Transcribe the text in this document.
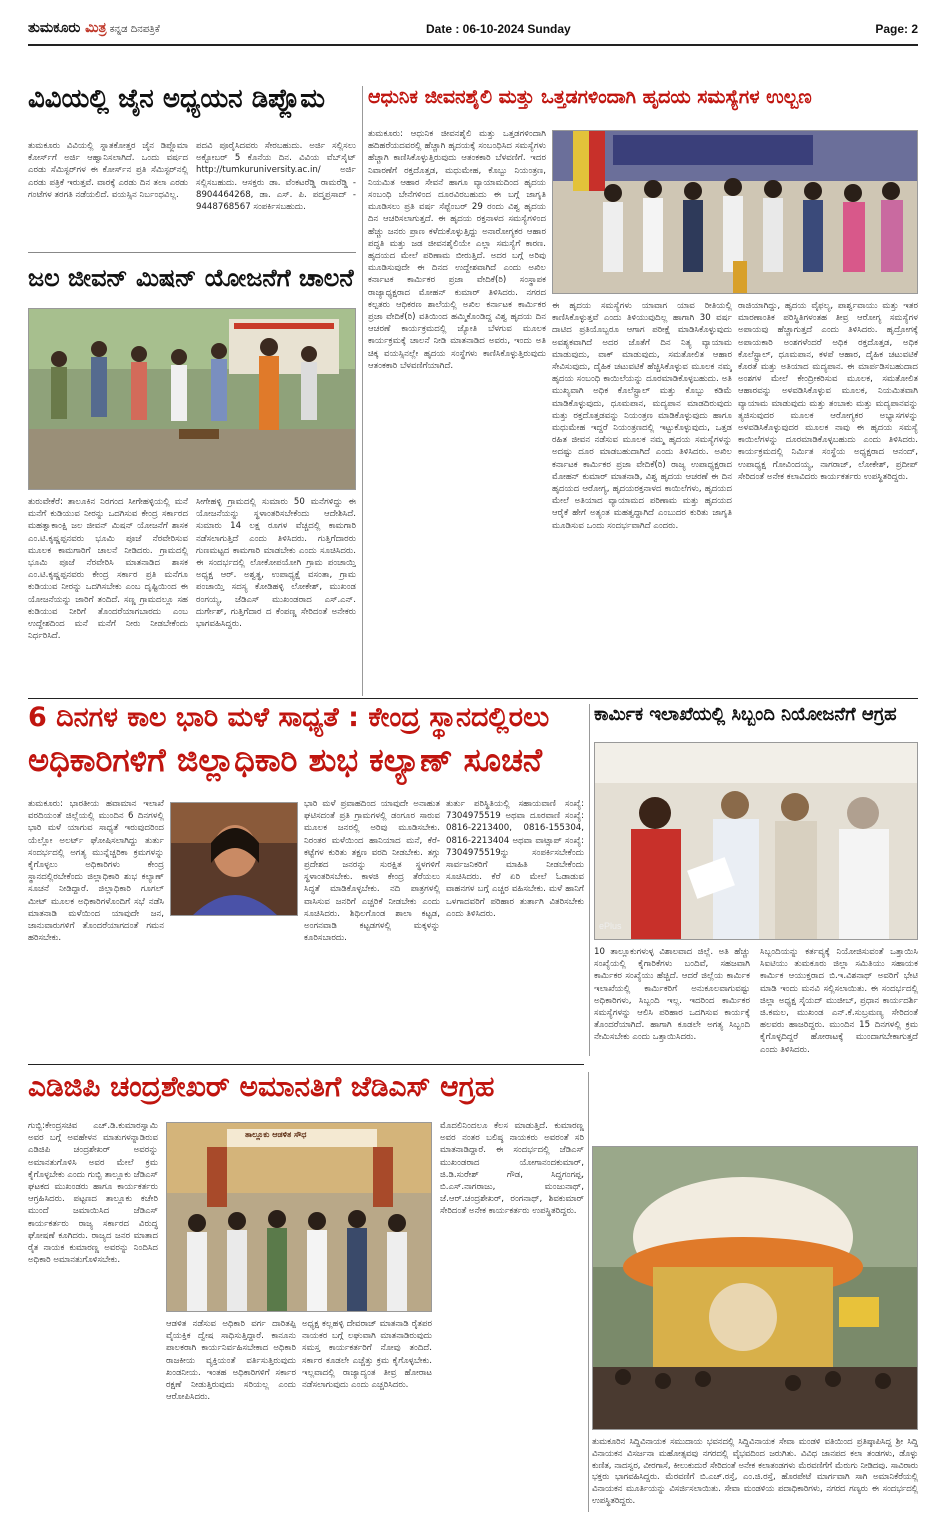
ತುಮಕೂರು ಮಿತ್ರ ಕನ್ನಡ ದಿನಪತ್ರಿಕೆ	Date : 06-10-2024 Sunday	Page: 2
ವಿವಿಯಲ್ಲಿ ಜೈನ ಅಧ್ಯಯನ ಡಿಪ್ಲೊಮ
ತುಮಕೂರು ವಿವಿಯಲ್ಲಿ ಸ್ನಾತಕೋತ್ತರ ಜೈನ ಡಿಪ್ಲೊಮಾ ಕೋರ್ಸ್‌ಗೆ ಅರ್ಜಿ ಆಹ್ವಾನಿಸಲಾಗಿದೆ. ಒಂದು ವರ್ಷದ ಎರಡು ಸೆಮಿಸ್ಟರ್‌ಗಳ ಈ ಕೋರ್ಸ್‌ನ ಪ್ರತಿ ಸೆಮಿಸ್ಟರ್‌ನಲ್ಲಿ ಎರಡು ಪತ್ರಿಕೆ ಇರುತ್ತವೆ. ವಾರಕ್ಕೆ ಎರಡು ದಿನ ತಲಾ ಎರಡು ಗಂಟೆಗಳ ತರಗತಿ ನಡೆಯಲಿದೆ. ವಯಸ್ಸಿನ ನಿರ್ಬಂಧವಿಲ್ಲ.
ಪದವಿ ಪೂರೈಸಿದವರು ಸೇರಬಹುದು. ಅರ್ಜಿ ಸಲ್ಲಿಸಲು ಅಕ್ಟೋಬರ್ 5 ಕೊನೆಯ ದಿನ. ವಿವಿಯ ವೆಬ್‌ಸೈಟ್ http://tumkuruniversity.ac.in/ ಅರ್ಜಿ ಸಲ್ಲಿಸಬಹುದು. ಆಸಕ್ತರು ಡಾ. ವೆಂಕಟರೆಡ್ಡಿ ರಾಮರೆಡ್ಡಿ - 8904464268, ಡಾ. ಎಸ್. ಪಿ. ಪದ್ಮಪ್ರಸಾದ್ - 9448768567 ಸಂಪರ್ಕಿಸಬಹುದು.
ಜಲ ಜೀವನ್ ಮಿಷನ್ ಯೋಜನೆಗೆ ಚಾಲನೆ
ತುರುವೇಕೆರೆ: ತಾಲೂಕಿನ ನಿರಗಂದ ಸೀಗೇಹಳ್ಳಿಯಲ್ಲಿ ಮನೆ ಮನೆಗೆ ಕುಡಿಯುವ ನೀರನ್ನು ಒದಗಿಸುವ ಕೇಂದ್ರ ಸರ್ಕಾರದ ಮಹತ್ವಾಕಾಂಕ್ಷಿ ಜಲ ಜೀವನ್ ಮಿಷನ್ ಯೋಜನೆಗೆ ಶಾಸಕ ಎಂ.ಟಿ.ಕೃಷ್ಣಪ್ಪನವರು ಭೂಮಿ ಪೂಜೆ ನೆರವೇರಿಸುವ ಮೂಲಕ ಕಾಮಗಾರಿಗೆ ಚಾಲನೆ ನೀಡಿದರು. ಗ್ರಾಮದಲ್ಲಿ ಭೂಮಿ ಪೂಜೆ ನೆರವೇರಿಸಿ ಮಾತನಾಡಿದ ಶಾಸಕ ಎಂ.ಟಿ.ಕೃಷ್ಣಪ್ಪನವರು ಕೇಂದ್ರ ಸರ್ಕಾರ ಪ್ರತಿ ಮನೆಗೂ ಕುಡಿಯುವ ನೀರನ್ನು ಒದಗಿಸಬೇಕು ಎಂಬ ದೃಷ್ಟಿಯಿಂದ ಈ ಯೋಜನೆಯನ್ನು ಜಾರಿಗೆ ತಂದಿದೆ. ಸಣ್ಣ ಗ್ರಾಮದಲ್ಲೂ ಸಹ ಕುಡಿಯುವ ನೀರಿಗೆ ತೊಂದರೆಯಾಗಬಾರದು ಎಂಬ ಉದ್ದೇಶದಿಂದ ಮನೆ ಮನೆಗೆ ನೀರು ನೀಡಬೇಕೆಂದು ನಿರ್ಧರಿಸಿದೆ.
ಸೀಗೇಹಳ್ಳಿ ಗ್ರಾಮದಲ್ಲಿ ಸುಮಾರು 50 ಮನೆಗಳಿದ್ದು ಈ ಯೋಜನೆಯನ್ನು ಸ್ಥಳಾಂತರಿಸಬೇಕೆಂದು ಆದೇಶಿಸಿದೆ. ಸುಮಾರು 14 ಲಕ್ಷ ರೂಗಳ ವೆಚ್ಚದಲ್ಲಿ ಕಾಮಗಾರಿ ನಡೆಸಲಾಗುತ್ತಿದೆ ಎಂದು ತಿಳಿಸಿದರು. ಗುತ್ತಿಗೆದಾರರು ಗುಣಮಟ್ಟದ ಕಾಮಗಾರಿ ಮಾಡಬೇಕು ಎಂದು ಸೂಚಿಸಿದರು. ಈ ಸಂದರ್ಭದಲ್ಲಿ ಲೋಕೋಪಯೋಗಿ ಗ್ರಾಮ ಪಂಚಾಯ್ತಿ ಅಧ್ಯಕ್ಷ ಆರ್. ಅಶ್ವತ್ಥ, ಉಪಾಧ್ಯಕ್ಷೆ ವಸಂತಾ, ಗ್ರಾಮ ಪಂಚಾಯ್ತಿ ಸದಸ್ಯ ಕೋಡಿಹಳ್ಳಿ ಲೋಕೇಶ್, ಮುಖಂಡ ರಂಗಯ್ಯ, ಜೆಡಿಎಸ್ ಮುಖಂಡರಾದ ಎಸ್.ಎನ್. ದುರ್ಗೇಶ್, ಗುತ್ತಿಗೆದಾರ ದ ಕೆಂಪಣ್ಣ ಸೇರಿದಂತೆ ಅನೇಕರು ಭಾಗವಹಿಸಿದ್ದರು.
ಆಧುನಿಕ ಜೀವನಶೈಲಿ ಮತ್ತು ಒತ್ತಡಗಳಿಂದಾಗಿ ಹೃದಯ ಸಮಸ್ಯೆಗಳ ಉಲ್ಬಣ
ತುಮಕೂರು: ಆಧುನಿಕ ಜೀವನಶೈಲಿ ಮತ್ತು ಒತ್ತಡಗಳಿಂದಾಗಿ ಹದಿಹರೆಯದವರಲ್ಲಿ ಹೆಚ್ಚಾಗಿ ಹೃದಯಕ್ಕೆ ಸಂಬಂಧಿಸಿದ ಸಮಸ್ಯೆಗಳು ಹೆಚ್ಚಾಗಿ ಕಾಣಿಸಿಕೊಳ್ಳುತ್ತಿರುವುದು ಆತಂಕಕಾರಿ ಬೆಳವಣಿಗೆ. ಇದರ ನಿವಾರಣೆಗೆ ರಕ್ತದೊತ್ತಡ, ಮಧುಮೇಹ, ಕೊಬ್ಬು ನಿಯಂತ್ರಣ, ನಿಯಮಿತ ಆಹಾರ ಸೇವನೆ ಹಾಗೂ ವ್ಯಾಯಾಮದಿಂದ ಹೃದಯ ಸಂಬಂಧಿ ಬೇನೆಗಳಿಂದ ದೂರವಿರಬಹುದು ಈ ಬಗ್ಗೆ ಜಾಗೃತಿ ಮೂಡಿಸಲು ಪ್ರತಿ ವರ್ಷ ಸೆಪ್ಟೆಂಬರ್ 29 ರಂದು ವಿಶ್ವ ಹೃದಯ ದಿನ ಆಚರಿಸಲಾಗುತ್ತದೆ. ಈ ಹೃದಯ ರಕ್ತನಾಳದ ಸಮಸ್ಯೆಗಳಿಂದ ಹೆಚ್ಚು ಜನರು ಪ್ರಾಣ ಕಳೆದುಕೊಳ್ಳುತ್ತಿದ್ದು ಅನಾರೋಗ್ಯಕರ ಆಹಾರ ಪದ್ಧತಿ ಮತ್ತು ಜಡ ಜೀವನಶೈಲಿಯೇ ಎಲ್ಲಾ ಸಮಸ್ಯೆಗೆ ಕಾರಣ. ಹೃದಯದ ಮೇಲೆ ಪರಿಣಾಮ ಬೀರುತ್ತಿದೆ. ಅದರ ಬಗ್ಗೆ ಅರಿವು ಮೂಡಿಸುವುದೇ ಈ ದಿನದ ಉದ್ದೇಶವಾಗಿದೆ ಎಂದು ಅಖಿಲ ಕರ್ನಾಟಕ ಕಾರ್ಮಿಕರ ಪ್ರಜಾ ವೇದಿಕೆ(ರಿ) ಸಂಸ್ಥಾಪಕ ರಾಜ್ಯಾಧ್ಯಕ್ಷರಾದ ಮೋಹನ್ ಕುಮಾರ್ ತಿಳಿಸಿದರು. ನಗರದ ಕಲ್ಪತರು ಆಧಿಕರಣ ಶಾಲೆಯಲ್ಲಿ ಅಖಿಲ ಕರ್ನಾಟಕ ಕಾರ್ಮಿಕರ ಪ್ರಜಾ ವೇದಿಕೆ(ರಿ) ವತಿಯಿಂದ ಹಮ್ಮಿಕೊಂಡಿದ್ದ ವಿಶ್ವ ಹೃದಯ ದಿನ ಆಚರಣೆ ಕಾರ್ಯಕ್ರಮದಲ್ಲಿ ಜ್ಯೋತಿ ಬೆಳಗುವ ಮೂಲಕ ಕಾರ್ಯಕ್ರಮಕ್ಕೆ ಚಾಲನೆ ನೀಡಿ ಮಾತನಾಡಿದ ಅವರು, ಇಂದು ಅತಿ ಚಿಕ್ಕ ವಯಸ್ಸಿನಲ್ಲೇ ಹೃದಯ ಸಂಸ್ಥೆಗಳು ಕಾಣಿಸಿಕೊಳ್ಳುತ್ತಿರುವುದು ಆತಂಕಕಾರಿ ಬೆಳವಣಿಗೆಯಾಗಿದೆ.
ಈ ಹೃದಯ ಸಮಸ್ಯೆಗಳು ಯಾವಾಗ ಯಾವ ರೀತಿಯಲ್ಲಿ ಕಾಣಿಸಿಕೊಳ್ಳುತ್ತವೆ ಎಂದು ತಿಳಿಯುವುದಿಲ್ಲ ಹಾಗಾಗಿ 30 ವರ್ಷ ದಾಟಿದ ಪ್ರತಿಯೊಬ್ಬರೂ ಆಗಾಗ ಪರೀಕ್ಷೆ ಮಾಡಿಸಿಕೊಳ್ಳುವುದು ಅವಶ್ಯಕವಾಗಿದೆ ಅದರ ಜೊತೆಗೆ ದಿನ ನಿತ್ಯ ವ್ಯಾಯಾಮ ಮಾಡುವುದು, ವಾಕ್ ಮಾಡುವುದು, ಸಮತೋಲಿತ ಆಹಾರ ಸೇವಿಸುವುದು, ದೈಹಿಕ ಚಟುವಟಿಕೆ ಹೆಚ್ಚಿಸಿಕೊಳ್ಳುವ ಮೂಲಕ ನಮ್ಮ ಹೃದಯ ಸಂಬಂಧಿ ಕಾಯಿಲೆಯನ್ನು ದೂರಮಾಡಿಕೊಳ್ಳಬಹುದು. ಅತಿ ಮುಖ್ಯವಾಗಿ ಅಧಿಕ ಕೊಲೆಸ್ಟ್ರಾಲ್ ಮತ್ತು ಕೊಬ್ಬು ಕಡಿಮೆ ಮಾಡಿಕೊಳ್ಳುವುದು, ಧೂಮಪಾನ, ಮದ್ಯಪಾನ ಮಾಡದಿರುವುದು ಮತ್ತು ರಕ್ತದೊತ್ತಡವನ್ನು ನಿಯಂತ್ರಣ ಮಾಡಿಕೊಳ್ಳುವುದು ಹಾಗೂ ಮಧುಮೇಹ ಇದ್ದರೆ ನಿಯಂತ್ರಣದಲ್ಲಿ ಇಟ್ಟುಕೊಳ್ಳುವುದು, ಒತ್ತಡ ರಹಿತ ಜೀವನ ನಡೆಸುವ ಮೂಲಕ ನಮ್ಮ ಹೃದಯ ಸಮಸ್ಯೆಗಳನ್ನು ಅದಷ್ಟು ದೂರ ಮಾಡಬಹುದಾಗಿದೆ ಎಂದು ತಿಳಿಸಿದರು. ಅಖಿಲ ಕರ್ನಾಟಕ ಕಾರ್ಮಿಕರ ಪ್ರಜಾ ವೇದಿಕೆ(ರಿ) ರಾಜ್ಯ ಉಪಾಧ್ಯಕ್ಷರಾದ ಮೋಹನ್ ಕುಮಾರ್ ಮಾತನಾಡಿ, ವಿಶ್ವ ಹೃದಯ ಆಚರಣೆ ಈ ದಿನ ಹೃದಯದ ಆರೋಗ್ಯ, ಹೃದಯರಕ್ತನಾಳದ ಕಾಯಿಲೆಗಳು, ಹೃದಯದ ಮೇಲೆ ಅತಿಯಾದ ವ್ಯಾಯಾಮದ ಪರಿಣಾಮ ಮತ್ತು ಹೃದಯದ ಆರೈಕೆ ಹೇಗೆ ಅತ್ಯಂತ ಮಹತ್ವದ್ದಾಗಿದೆ ಎಂಬುದರ ಕುರಿತು ಜಾಗೃತಿ ಮೂಡಿಸುವ ಒಂದು ಸಂದರ್ಭವಾಗಿದೆ ಎಂದರು.
ರಾಜಿಯಾಗಿದ್ದು, ಹೃದಯ ವೈಫಲ್ಯ, ಪಾರ್ಶ್ವವಾಯು ಮತ್ತು ಇತರ ಮಾರಣಾಂತಿಕ ಪರಿಸ್ಥಿತಿಗಳಂತಹ ತೀವ್ರ ಆರೋಗ್ಯ ಸಮಸ್ಯೆಗಳ ಅಪಾಯವು ಹೆಚ್ಚಾಗುತ್ತದೆ ಎಂದು ತಿಳಿಸಿದರು. ಹೃದ್ರೋಗಕ್ಕೆ ಅಪಾಯಕಾರಿ ಅಂಶಗಳೆಂದರೆ ಅಧಿಕ ರಕ್ತದೊತ್ತಡ, ಅಧಿಕ ಕೊಲೆಸ್ಟ್ರಾಲ್, ಧೂಮಪಾನ, ಕಳಪೆ ಆಹಾರ, ದೈಹಿಕ ಚಟುವಟಿಕೆ ಕೊರತೆ ಮತ್ತು ಅತಿಯಾದ ಮದ್ಯಪಾನ. ಈ ಮಾರ್ಪಡಿಸಬಹುದಾದ ಅಂಶಗಳ ಮೇಲೆ ಕೇಂದ್ರೀಕರಿಸುವ ಮೂಲಕ, ಸಮತೋಲಿತ ಆಹಾರವನ್ನು ಅಳವಡಿಸಿಕೊಳ್ಳುವ ಮೂಲಕ, ನಿಯಮಿತವಾಗಿ ವ್ಯಾಯಾಮ ಮಾಡುವುದು ಮತ್ತು ತಂಬಾಕು ಮತ್ತು ಮದ್ಯಪಾನವನ್ನು ತ್ಯಜಿಸುವುದರ ಮೂಲಕ ಆರೋಗ್ಯಕರ ಅಭ್ಯಾಸಗಳನ್ನು ಅಳವಡಿಸಿಕೊಳ್ಳುವುದರ ಮೂಲಕ ನಾವು ಈ ಹೃದಯ ಸಮಸ್ಯೆ ಕಾಯಿಲೆಗಳನ್ನು ದೂರಮಾಡಿಕೊಳ್ಳಬಹುದು ಎಂದು ತಿಳಿಸಿದರು. ಕಾರ್ಯಕ್ರಮದಲ್ಲಿ ನಿರ್ಮಿತ ಸಂಸ್ಥೆಯ ಅಧ್ಯಕ್ಷರಾದ ಆನಂದ್, ಉಪಾಧ್ಯಕ್ಷ ಗೋವಿಂದಯ್ಯ, ನಾಗರಾಜ್, ಲೋಕೇಶ್, ಪ್ರದೀಪ್ ಸೇರಿದಂತೆ ಅನೇಕ ಕಲಾವಿದರು ಕಾರ್ಯಕರ್ತರು ಉಪಸ್ಥಿತರಿದ್ದರು.
6 ದಿನಗಳ ಕಾಲ ಭಾರಿ ಮಳೆ ಸಾಧ್ಯತೆ : ಕೇಂದ್ರ ಸ್ಥಾನದಲ್ಲಿರಲು
ಅಧಿಕಾರಿಗಳಿಗೆ ಜಿಲ್ಲಾಧಿಕಾರಿ ಶುಭ ಕಲ್ಯಾಣ್ ಸೂಚನೆ
ತುಮಕೂರು: ಭಾರತೀಯ ಹವಾಮಾನ ಇಲಾಖೆ ವರದಿಯಂತೆ ಜಿಲ್ಲೆಯಲ್ಲಿ ಮುಂದಿನ 6 ದಿನಗಳಲ್ಲಿ ಭಾರಿ ಮಳೆ ಯಾಗುವ ಸಾಧ್ಯತೆ ಇರುವುದರಿಂದ ಯೆಲ್ಲೋ ಅಲರ್ಟ್ ಘೋಷಿಸಲಾಗಿದ್ದು ತುರ್ತು ಸಂದರ್ಭದಲ್ಲಿ ಅಗತ್ಯ ಮುನ್ನೆಚ್ಚರಿಕಾ ಕ್ರಮಗಳನ್ನು ಕೈಗೊಳ್ಳಲು ಅಧಿಕಾರಿಗಳು ಕೇಂದ್ರ ಸ್ಥಾನದಲ್ಲಿರಬೇಕೆಂದು ಜಿಲ್ಲಾಧಿಕಾರಿ ಶುಭ ಕಲ್ಯಾಣ್ ಸೂಚನೆ ನೀಡಿದ್ದಾರೆ. ಜಿಲ್ಲಾಧಿಕಾರಿ ಗೂಗಲ್ ಮೀಟ್ ಮೂಲಕ ಅಧಿಕಾರಿಗಳೊಂದಿಗೆ ಸಭೆ ನಡೆಸಿ ಮಾತನಾಡಿ ಮಳೆಯಿಂದ ಯಾವುದೇ ಜನ, ಜಾನುವಾರುಗಳಿಗೆ ತೊಂದರೆಯಾಗದಂತೆ ಗಮನ ಹರಿಸಬೇಕು.
ಭಾರಿ ಮಳೆ ಪ್ರವಾಹದಿಂದ ಯಾವುದೇ ಅನಾಹುತ ಘಟಿಸದಂತೆ ಪ್ರತಿ ಗ್ರಾಮಗಳಲ್ಲಿ ಡಂಗೂರ ಸಾರುವ ಮೂಲಕ ಜನರಲ್ಲಿ ಅರಿವು ಮೂಡಿಸಬೇಕು. ನಿರಂತರ ಮಳೆಯಿಂದ ಹಾನಿಯಾದ ಮನೆ, ಕೆರೆ-ಕಟ್ಟೆಗಳ ಕುರಿತು ತಕ್ಷಣ ವರದಿ ನೀಡಬೇಕು. ತಗ್ಗು ಪ್ರದೇಶದ ಜನರನ್ನು ಸುರಕ್ಷಿತ ಸ್ಥಳಗಳಿಗೆ ಸ್ಥಳಾಂತರಿಸಬೇಕು. ಕಾಳಜಿ ಕೇಂದ್ರ ತೆರೆಯಲು ಸಿದ್ಧತೆ ಮಾಡಿಕೊಳ್ಳಬೇಕು. ನದಿ ಪಾತ್ರಗಳಲ್ಲಿ ವಾಸಿಸುವ ಜನರಿಗೆ ಎಚ್ಚರಿಕೆ ನೀಡಬೇಕು ಎಂದು ಸೂಚಿಸಿದರು. ಶಿಥಿಲಗೊಂಡ ಶಾಲಾ ಕಟ್ಟಡ, ಅಂಗನವಾಡಿ ಕಟ್ಟಡಗಳಲ್ಲಿ ಮಕ್ಕಳನ್ನು ಕೂರಿಸಬಾರದು.
ತುರ್ತು ಪರಿಸ್ಥಿತಿಯಲ್ಲಿ ಸಹಾಯವಾಣಿ ಸಂಖ್ಯೆ: 7304975519 ಅಥವಾ ದೂರವಾಣಿ ಸಂಖ್ಯೆ: 0816-2213400, 0816-155304, 0816-2213404 ಅಥವಾ ವಾಟ್ಸಾಪ್ ಸಂಖ್ಯೆ: 7304975519ನ್ನು ಸಂಪರ್ಕಿಸಬೇಕೆಂದು ಸಾರ್ವಜನಿಕರಿಗೆ ಮಾಹಿತಿ ನೀಡಬೇಕೆಂದು ಸೂಚಿಸಿದರು. ಕೆರೆ ಏರಿ ಮೇಲೆ ಓಡಾಡುವ ವಾಹನಗಳ ಬಗ್ಗೆ ಎಚ್ಚರ ವಹಿಸಬೇಕು. ಮಳೆ ಹಾನಿಗೆ ಒಳಗಾದವರಿಗೆ ಪರಿಹಾರ ತುರ್ತಾಗಿ ವಿತರಿಸಬೇಕು ಎಂದು ತಿಳಿಸಿದರು.
ಕಾರ್ಮಿಕ ಇಲಾಖೆಯಲ್ಲಿ ಸಿಬ್ಬಂದಿ ನಿಯೋಜನೆಗೆ ಆಗ್ರಹ
ePlus
10 ತಾಲ್ಲೂಕುಗಳುಳ್ಳ ವಿಶಾಲವಾದ ಜಿಲ್ಲೆ. ಅತಿ ಹೆಚ್ಚು ಸಂಖ್ಯೆಯಲ್ಲಿ ಕೈಗಾರಿಕೆಗಳು ಬಂದಿವೆ, ಸಹಜವಾಗಿ ಕಾರ್ಮಿಕರ ಸಂಖ್ಯೆಯು ಹೆಚ್ಚಿದೆ. ಆದರೆ ಜಿಲ್ಲೆಯ ಕಾರ್ಮಿಕ ಇಲಾಖೆಯಲ್ಲಿ ಕಾರ್ಮಿಕರಿಗೆ ಅನುಕೂಲವಾಗುವಷ್ಟು ಅಧಿಕಾರಿಗಳು, ಸಿಬ್ಬಂದಿ ಇಲ್ಲ. ಇದರಿಂದ ಕಾರ್ಮಿಕರ ಸಮಸ್ಯೆಗಳನ್ನು ಆಲಿಸಿ ಪರಿಹಾರ ಒದಗಿಸುವ ಕಾರ್ಯಕ್ಕೆ ತೊಂದರೆಯಾಗಿದೆ. ಹಾಗಾಗಿ ಕೂಡಲೇ ಅಗತ್ಯ ಸಿಬ್ಬಂದಿ ನೇಮಿಸಬೇಕು ಎಂದು ಒತ್ತಾಯಿಸಿದರು.
ಸಿಬ್ಬಂದಿಯನ್ನು ಕರ್ತವ್ಯಕ್ಕೆ ನಿಯೋಜಿಸುವಂತೆ ಒತ್ತಾಯಿಸಿ ಸಿಐಟಿಯು ತುಮಕೂರು ಜಿಲ್ಲಾ ಸಮಿತಿಯು ಸಹಾಯಕ ಕಾರ್ಮಿಕ ಆಯುಕ್ತರಾದ ಬಿ.ಇ.ವಿಶನಾಥ್ ಅವರಿಗೆ ಭೇಟಿ ಮಾಡಿ ಇಂದು ಮನವಿ ಸಲ್ಲಿಸಲಾಯಿತು. ಈ ಸಂದರ್ಭದಲ್ಲಿ ಜಿಲ್ಲಾ ಅಧ್ಯಕ್ಷ ಸೈಯದ್ ಮುಜೀಬ್, ಪ್ರಧಾನ ಕಾರ್ಯದರ್ಶಿ ಜಿ.ಕಮಲ, ಮುಖಂಡ ಎನ್.ಕೆ.ಸುಬ್ರಮಣ್ಯ ಸೇರಿದಂತೆ ಹಲವರು ಹಾಜರಿದ್ದರು. ಮುಂದಿನ 15 ದಿನಗಳಲ್ಲಿ ಕ್ರಮ ಕೈಗೊಳ್ಳದಿದ್ದರೆ ಹೋರಾಟಕ್ಕೆ ಮುಂದಾಗಬೇಕಾಗುತ್ತದೆ ಎಂದು ತಿಳಿಸಿದರು.
ಎಡಿಜಿಪಿ ಚಂದ್ರಶೇಖರ್ ಅಮಾನತಿಗೆ ಜೆಡಿಎಸ್ ಆಗ್ರಹ
ಗುಬ್ಬಿ:ಕೇಂದ್ರಸಚಿವ ಎಚ್.ಡಿ.ಕುಮಾರಸ್ವಾಮಿ ಅವರ ಬಗ್ಗೆ ಅವಹೇಳನ ಮಾತುಗಳನ್ನಾಡಿರುವ ಎಡಿಜಿಪಿ ಚಂದ್ರಶೇಖರ್ ಅವರನ್ನು ಅಮಾನತುಗೊಳಿಸಿ ಅವರ ಮೇಲೆ ಕ್ರಮ ಕೈಗೊಳ್ಳಬೇಕು ಎಂದು ಗುಬ್ಬಿ ತಾಲ್ಲೂಕು ಜೆಡಿಎಸ್ ಘಟಕದ ಮುಖಂಡರು ಹಾಗೂ ಕಾರ್ಯಕರ್ತರು ಆಗ್ರಹಿಸಿದರು. ಪಟ್ಟಣದ ತಾಲ್ಲೂಕು ಕಚೇರಿ ಮುಂದೆ ಜಮಾಯಿಸಿದ ಜೆಡಿಎಸ್ ಕಾರ್ಯಕರ್ತರು ರಾಜ್ಯ ಸರ್ಕಾರದ ವಿರುದ್ಧ ಘೋಷಣೆ ಕೂಗಿದರು. ರಾಜ್ಯದ ಜನರ ಮಾತಾದ ರೈತ ನಾಯಕ ಕುಮಾರಣ್ಣ ಅವರನ್ನು ನಿಂದಿಸಿದ ಅಧಿಕಾರಿ ಅಮಾನತುಗೊಳಿಸಬೇಕು.
ತಾಲ್ಲೂಕು ಆಡಳಿತ ಸೌಧ
ಆಡಳಿತ ನಡೆಸುವ ಅಧಿಕಾರಿ ವರ್ಗ ದಾರಿತಪ್ಪಿ ವೈಯಕ್ತಿಕ ದ್ವೇಷ ಸಾಧಿಸುತ್ತಿದ್ದಾರೆ. ಕಾನೂನು ಪಾಲಕರಾಗಿ ಕಾರ್ಯನಿರ್ವಹಿಸಬೇಕಾದ ಅಧಿಕಾರಿ ರಾಜಕೀಯ ವ್ಯಕ್ತಿಯಂತೆ ವರ್ತಿಸುತ್ತಿರುವುದು ಖಂಡನೀಯ. ಇಂತಹ ಅಧಿಕಾರಿಗಳಿಗೆ ಸರ್ಕಾರ ರಕ್ಷಣೆ ನೀಡುತ್ತಿರುವುದು ಸರಿಯಲ್ಲ ಎಂದು ಆರೋಪಿಸಿದರು.
ಅಧ್ಯಕ್ಷ ಕಲ್ಲಹಳ್ಳಿ ದೇವರಾಜ್ ಮಾತನಾಡಿ ರೈತಪರ ನಾಯಕರ ಬಗ್ಗೆ ಲಘುವಾಗಿ ಮಾತನಾಡಿರುವುದು ಸಮಸ್ತ ಕಾರ್ಯಕರ್ತರಿಗೆ ನೋವು ತಂದಿದೆ. ಸರ್ಕಾರ ಕೂಡಲೇ ಎಚ್ಚೆತ್ತು ಕ್ರಮ ಕೈಗೊಳ್ಳಬೇಕು. ಇಲ್ಲವಾದಲ್ಲಿ ರಾಜ್ಯಾದ್ಯಂತ ತೀವ್ರ ಹೋರಾಟ ನಡೆಸಲಾಗುವುದು ಎಂದು ಎಚ್ಚರಿಸಿದರು.
ಮೊದಲಿನಿಂದಲೂ ಕೆಲಸ ಮಾಡುತ್ತಿದೆ. ಕುಮಾರಣ್ಣ ಅವರ ನಂತರ ಬಲಿಷ್ಠ ನಾಯಕರು ಅವರಂತೆ ಸರಿ ಮಾತನಾಡಿದ್ದಾರೆ. ಈ ಸಂದರ್ಭದಲ್ಲಿ ಜೆಡಿಎಸ್ ಮುಖಂಡರಾದ ಯೋಗಾನಂದಕುಮಾರ್, ಜಿ.ಡಿ.ಸುರೇಶ್ ಗೌಡ, ಸಿದ್ದಗಂಗಪ್ಪ, ಬಿ.ಎಸ್.ನಾಗರಾಜು, ಮಂಜುನಾಥ್, ಜೆ.ಆರ್.ಚಂದ್ರಶೇಖರ್, ರಂಗನಾಥ್, ಶಿವಕುಮಾರ್ ಸೇರಿದಂತೆ ಅನೇಕ ಕಾರ್ಯಕರ್ತರು ಉಪಸ್ಥಿತರಿದ್ದರು.
ತುಮಕೂರಿನ ಸಿದ್ದಿವಿನಾಯಕ ಸಮುದಾಯ ಭವನದಲ್ಲಿ ಸಿದ್ದಿವಿನಾಯಕ ಸೇವಾ ಮಂಡಳಿ ವತಿಯಿಂದ ಪ್ರತಿಷ್ಠಾಪಿಸಿದ್ದ ಶ್ರೀ ಸಿದ್ದಿ ವಿನಾಯಕನ ವಿಸರ್ಜನಾ ಮಹೋತ್ಸವವು ನಗರದಲ್ಲಿ ವೈಭವದಿಂದ ಜರುಗಿತು. ವಿವಿಧ ಜಾನಪದ ಕಲಾ ತಂಡಗಳು, ಡೊಳ್ಳು ಕುಣಿತ, ನಾದಸ್ವರ, ವೀರಗಾಸೆ, ಕೀಲುಕುದುರೆ ಸೇರಿದಂತೆ ಅನೇಕ ಕಲಾತಂಡಗಳು ಮೆರವಣಿಗೆಗೆ ಮೆರುಗು ನೀಡಿದವು. ಸಾವಿರಾರು ಭಕ್ತರು ಭಾಗವಹಿಸಿದ್ದರು. ಮೆರವಣಿಗೆ ಬಿ.ಎಚ್.ರಸ್ತೆ, ಎಂ.ಜಿ.ರಸ್ತೆ, ಹೊರಪೇಟೆ ಮಾರ್ಗವಾಗಿ ಸಾಗಿ ಅಮಾನಿಕೆರೆಯಲ್ಲಿ ವಿನಾಯಕನ ಮೂರ್ತಿಯನ್ನು ವಿಸರ್ಜಿಸಲಾಯಿತು. ಸೇವಾ ಮಂಡಳಿಯ ಪದಾಧಿಕಾರಿಗಳು, ನಗರದ ಗಣ್ಯರು ಈ ಸಂದರ್ಭದಲ್ಲಿ ಉಪಸ್ಥಿತರಿದ್ದರು.
